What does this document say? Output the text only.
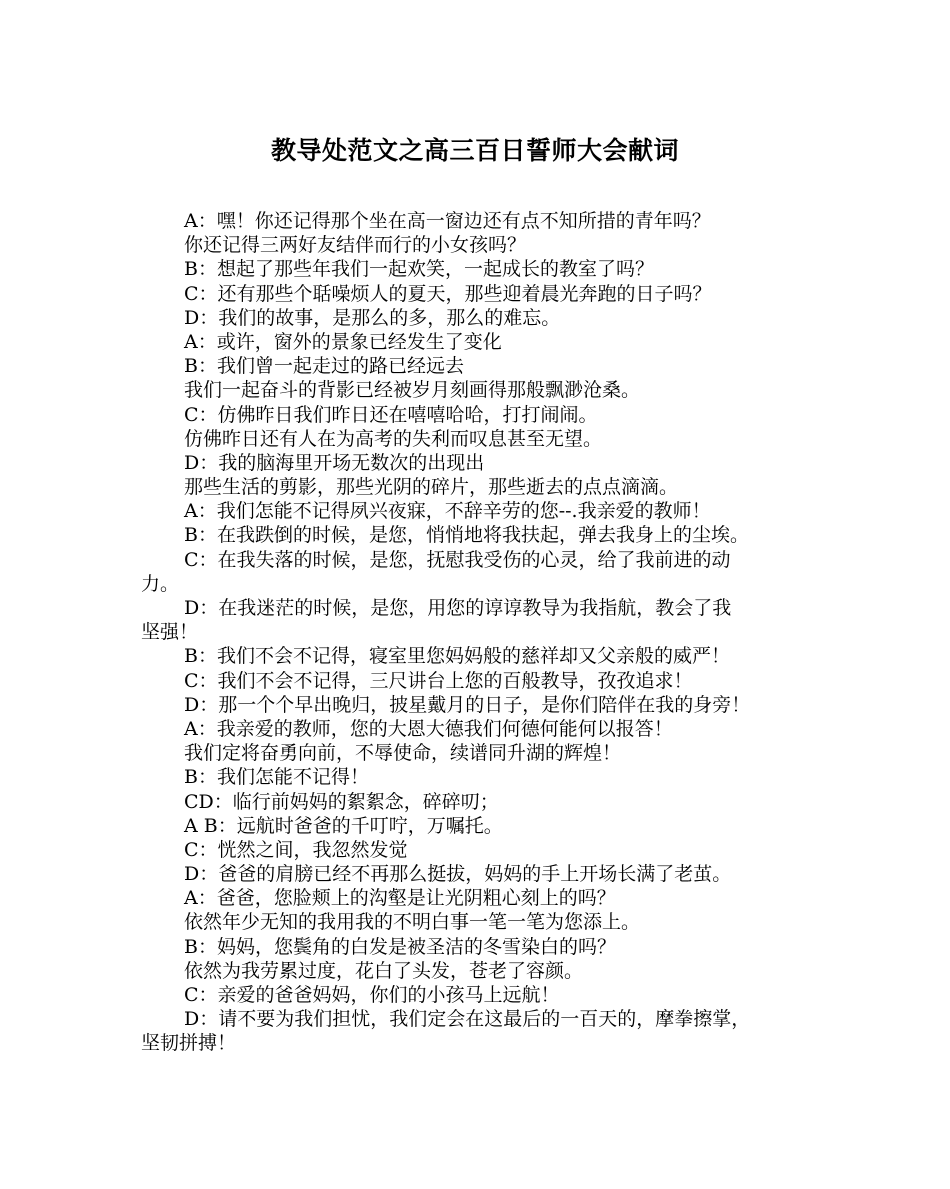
教导处范文之高三百日誓师大会献词
A：嘿！你还记得那个坐在高一窗边还有点不知所措的青年吗？
你还记得三两好友结伴而行的小女孩吗？
B：想起了那些年我们一起欢笑，一起成长的教室了吗？
C：还有那些个聒噪烦人的夏天，那些迎着晨光奔跑的日子吗？
D：我们的故事，是那么的多，那么的难忘。
A：或许，窗外的景象已经发生了变化
B：我们曾一起走过的路已经远去
我们一起奋斗的背影已经被岁月刻画得那般飘渺沧桑。
C：仿佛昨日我们昨日还在嘻嘻哈哈，打打闹闹。
仿佛昨日还有人在为高考的失利而叹息甚至无望。
D：我的脑海里开场无数次的出现出
那些生活的剪影，那些光阴的碎片，那些逝去的点点滴滴。
A：我们怎能不记得夙兴夜寐，不辞辛劳的您--.我亲爱的教师！
B：在我跌倒的时候，是您，悄悄地将我扶起，弹去我身上的尘埃。
C：在我失落的时候，是您，抚慰我受伤的心灵，给了我前进的动
力。
D：在我迷茫的时候，是您，用您的谆谆教导为我指航，教会了我
坚强！
B：我们不会不记得，寝室里您妈妈般的慈祥却又父亲般的威严！
C：我们不会不记得，三尺讲台上您的百般教导，孜孜追求！
D：那一个个早出晚归，披星戴月的日子，是你们陪伴在我的身旁！
A：我亲爱的教师，您的大恩大德我们何德何能何以报答！
我们定将奋勇向前，不辱使命，续谱同升湖的辉煌！
B：我们怎能不记得！
CD：临行前妈妈的絮絮念，碎碎叨；
A B：远航时爸爸的千叮咛，万嘱托。
C：恍然之间，我忽然发觉
D：爸爸的肩膀已经不再那么挺拔，妈妈的手上开场长满了老茧。
A：爸爸，您脸颊上的沟壑是让光阴粗心刻上的吗？
依然年少无知的我用我的不明白事一笔一笔为您添上。
B：妈妈，您鬓角的白发是被圣洁的冬雪染白的吗？
依然为我劳累过度，花白了头发，苍老了容颜。
C：亲爱的爸爸妈妈，你们的小孩马上远航！
D：请不要为我们担忧，我们定会在这最后的一百天的，摩拳擦掌，
坚韧拼搏！
